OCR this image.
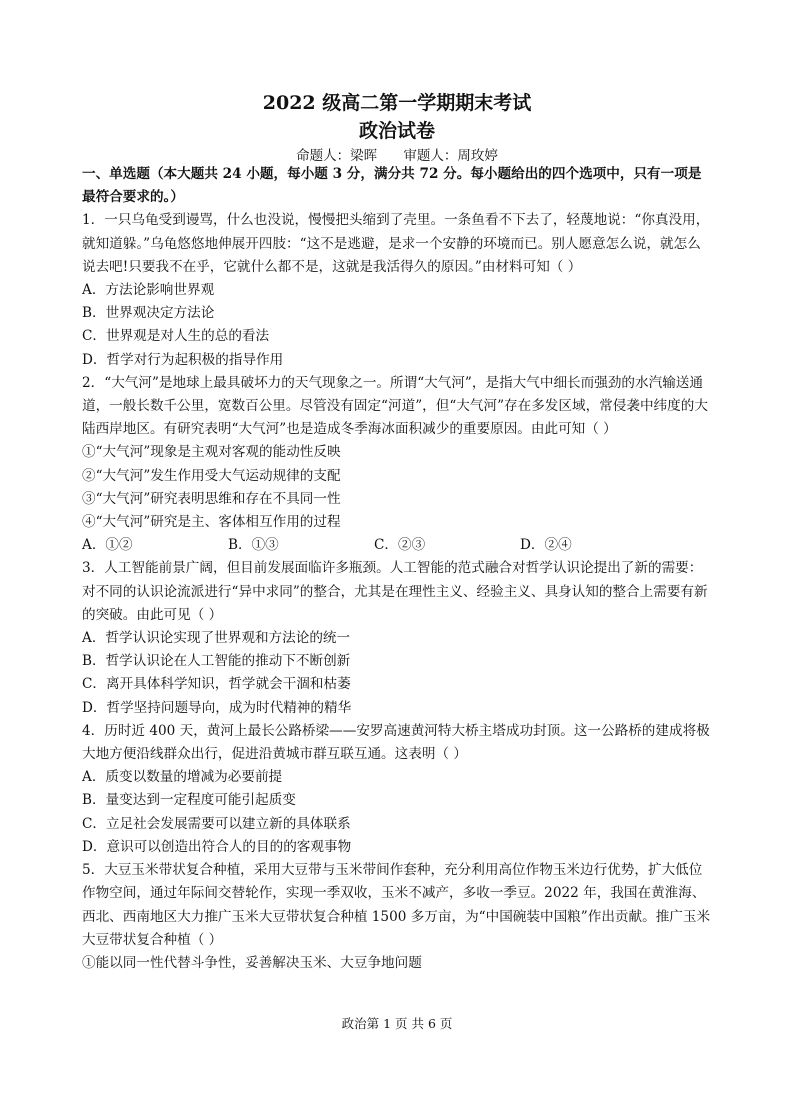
2022 级高二第一学期期末考试
政治试卷
命题人：梁晖 审题人：周玫婷

一、单选题（本大题共 24 小题，每小题 3 分，满分共 72 分。每小题给出的四个选项中，只有一项是最符合要求的。）

1．一只乌龟受到谩骂，什么也没说，慢慢把头缩到了壳里。一条鱼看不下去了，轻蔑地说：“你真没用，就知道躲。”乌龟悠悠地伸展开四肢：“这不是逃避，是求一个安静的环境而已。别人愿意怎么说，就怎么说去吧!只要我不在乎，它就什么都不是，这就是我活得久的原因。”由材料可知（ ）

A．方法论影响世界观

B．世界观决定方法论

C．世界观是对人生的总的看法

D．哲学对行为起积极的指导作用

2．“大气河”是地球上最具破坏力的天气现象之一。所谓“大气河”，是指大气中细长而强劲的水汽输送通道，一般长数千公里，宽数百公里。尽管没有固定“河道”，但“大气河”存在多发区域，常侵袭中纬度的大陆西岸地区。有研究表明“大气河”也是造成冬季海冰面积减少的重要原因。由此可知（ ）

①“大气河”现象是主观对客观的能动性反映

②“大气河”发生作用受大气运动规律的支配

③“大气河”研究表明思维和存在不具同一性

④“大气河”研究是主、客体相互作用的过程

A．①②	B．①③	C．②③	D．②④

3．人工智能前景广阔，但目前发展面临许多瓶颈。人工智能的范式融合对哲学认识论提出了新的需要：对不同的认识论流派进行“异中求同”的整合，尤其是在理性主义、经验主义、具身认知的整合上需要有新的突破。由此可见（ ）

A．哲学认识论实现了世界观和方法论的统一

B．哲学认识论在人工智能的推动下不断创新

C．离开具体科学知识，哲学就会干涸和枯萎

D．哲学坚持问题导向，成为时代精神的精华

4．历时近 400 天，黄河上最长公路桥梁——安罗高速黄河特大桥主塔成功封顶。这一公路桥的建成将极大地方便沿线群众出行，促进沿黄城市群互联互通。这表明（ ）

A．质变以数量的增减为必要前提

B．量变达到一定程度可能引起质变

C．立足社会发展需要可以建立新的具体联系

D．意识可以创造出符合人的目的的客观事物

5．大豆玉米带状复合种植，采用大豆带与玉米带间作套种，充分利用高位作物玉米边行优势，扩大低位作物空间，通过年际间交替轮作，实现一季双收，玉米不减产，多收一季豆。2022 年，我国在黄淮海、西北、西南地区大力推广玉米大豆带状复合种植 1500 多万亩，为“中国碗装中国粮”作出贡献。推广玉米大豆带状复合种植（ ）

①能以同一性代替斗争性，妥善解决玉米、大豆争地问题

政治第 1 页 共 6 页
